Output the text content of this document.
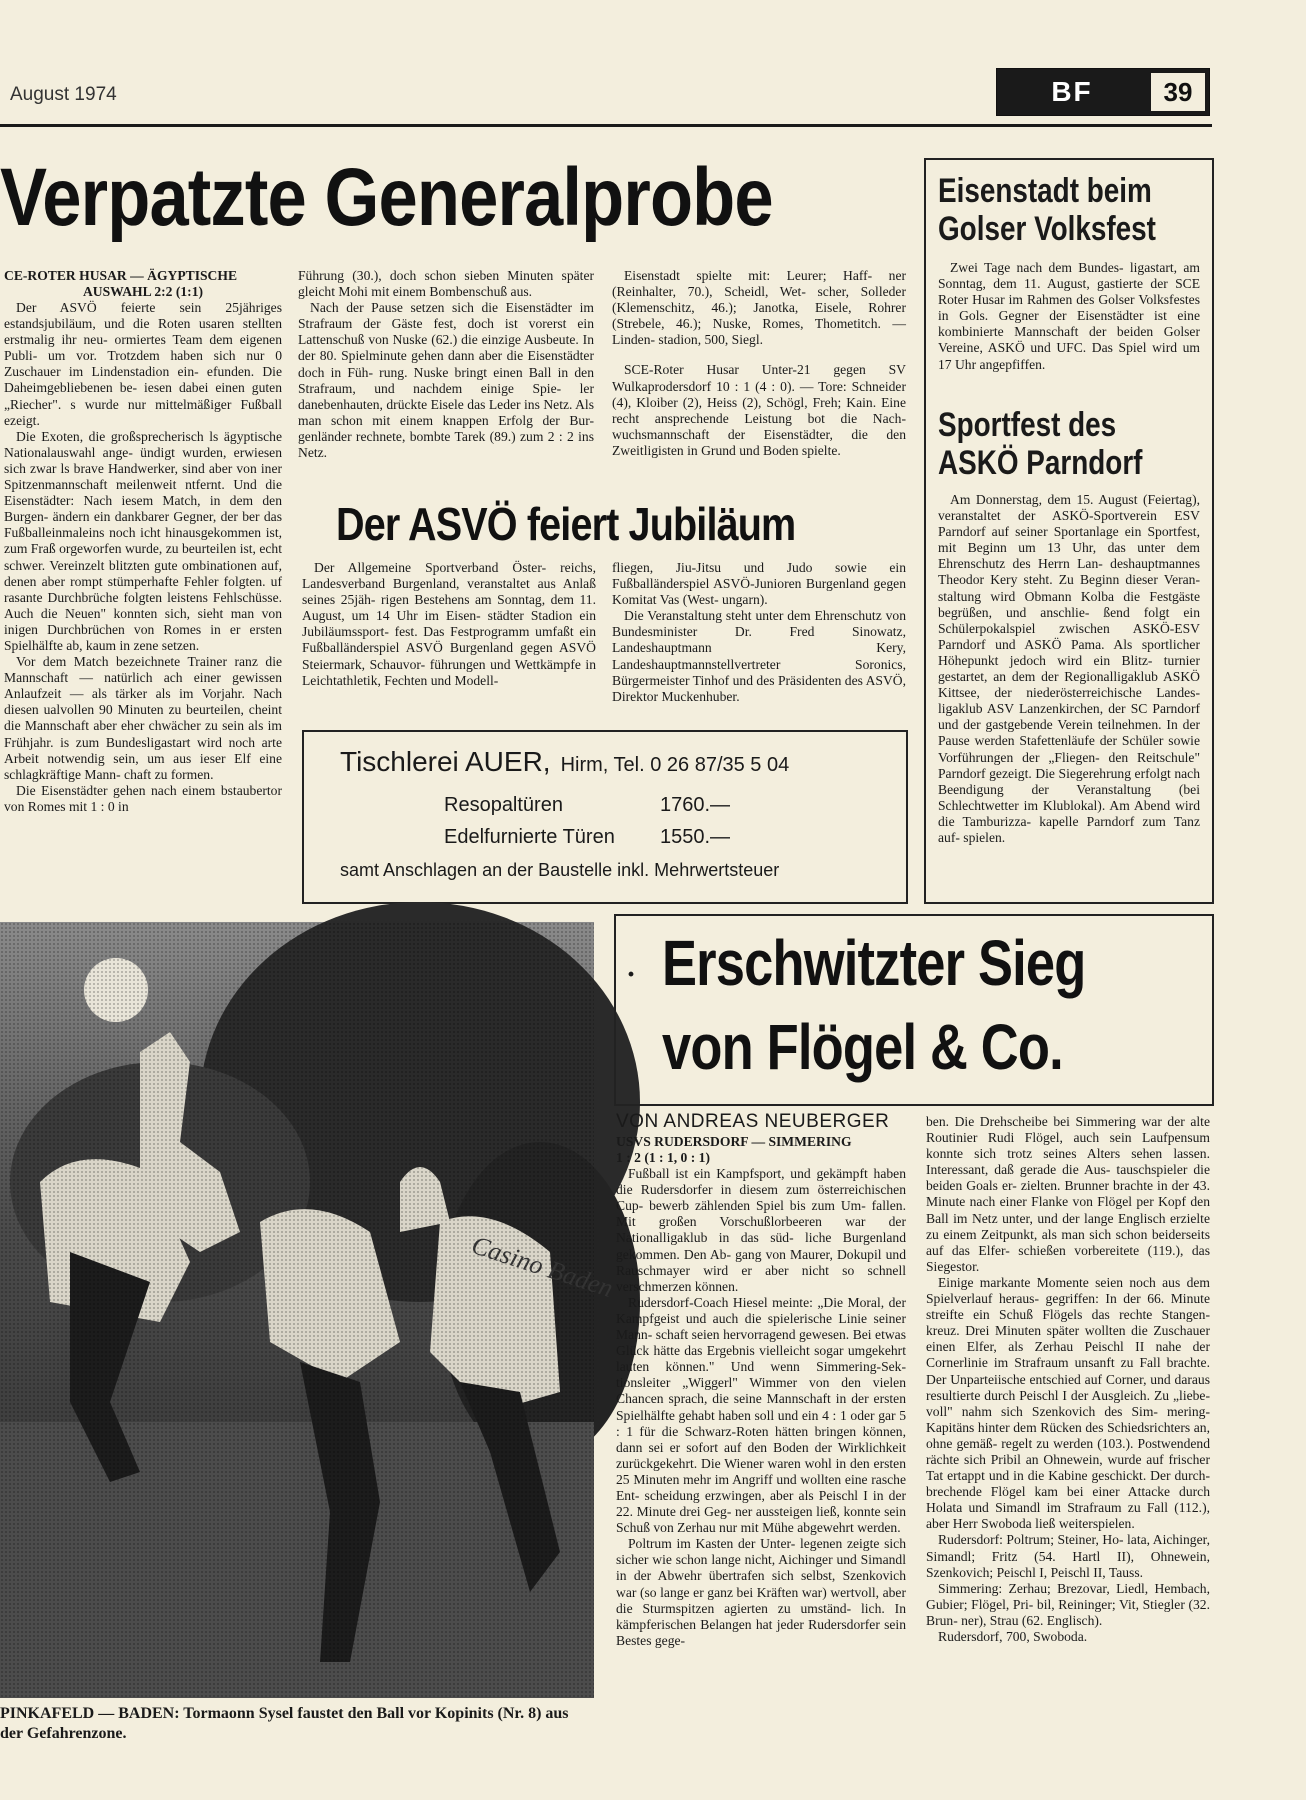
August 1974	BF	39
Verpatzte Generalprobe

CE-ROTER HUSAR — ÄGYPTISCHE

AUSWAHL 2:2 (1:1)

Der ASVÖ feierte sein 25jähriges estandsjubiläum, und die Roten usaren stellten erstmalig ihr neu- ormiertes Team dem eigenen Publi- um vor. Trotzdem haben sich nur 0 Zuschauer im Lindenstadion ein- efunden. Die Daheimgebliebenen be- iesen dabei einen guten „Riecher". s wurde nur mittelmäßiger Fußball ezeigt.

Die Exoten, die großsprecherisch ls ägyptische Nationalauswahl ange- ündigt wurden, erwiesen sich zwar ls brave Handwerker, sind aber von iner Spitzenmannschaft meilenweit ntfernt. Und die Eisenstädter: Nach iesem Match, in dem den Burgen- ändern ein dankbarer Gegner, der ber das Fußballeinmaleins noch icht hinausgekommen ist, zum Fraß orgeworfen wurde, zu beurteilen ist, echt schwer. Vereinzelt blitzten gute ombinationen auf, denen aber rompt stümperhafte Fehler folgten. uf rasante Durchbrüche folgten leistens Fehlschüsse. Auch die Neuen" konnten sich, sieht man von inigen Durchbrüchen von Romes in er ersten Spielhälfte ab, kaum in zene setzen.

Vor dem Match bezeichnete Trainer ranz die Mannschaft — natürlich ach einer gewissen Anlaufzeit — als tärker als im Vorjahr. Nach diesen ualvollen 90 Minuten zu beurteilen, cheint die Mannschaft aber eher chwächer zu sein als im Frühjahr. is zum Bundesligastart wird noch arte Arbeit notwendig sein, um aus ieser Elf eine schlagkräftige Mann- chaft zu formen.

Die Eisenstädter gehen nach einem bstaubertor von Romes mit 1 : 0 in

Führung (30.), doch schon sieben Minuten später gleicht Mohi mit einem Bombenschuß aus.

Nach der Pause setzen sich die Eisenstädter im Strafraum der Gäste fest, doch ist vorerst ein Lattenschuß von Nuske (62.) die einzige Ausbeute. In der 80. Spielminute gehen dann aber die Eisenstädter doch in Füh- rung. Nuske bringt einen Ball in den Strafraum, und nachdem einige Spie- ler danebenhauten, drückte Eisele das Leder ins Netz. Als man schon mit einem knappen Erfolg der Bur- genländer rechnete, bombte Tarek (89.) zum 2 : 2 ins Netz.

Eisenstadt spielte mit: Leurer; Haff- ner (Reinhalter, 70.), Scheidl, Wet- scher, Solleder (Klemenschitz, 46.); Janotka, Eisele, Rohrer (Strebele, 46.); Nuske, Romes, Thometitch. — Linden- stadion, 500, Siegl.

SCE-Roter Husar Unter-21 gegen SV Wulkaprodersdorf 10 : 1 (4 : 0). — Tore: Schneider (4), Kloiber (2), Heiss (2), Schögl, Freh; Kain. Eine recht ansprechende Leistung bot die Nach- wuchsmannschaft der Eisenstädter, die den Zweitligisten in Grund und Boden spielte.

Der ASVÖ feiert Jubiläum

Der Allgemeine Sportverband Öster- reichs, Landesverband Burgenland, veranstaltet aus Anlaß seines 25jäh- rigen Bestehens am Sonntag, dem 11. August, um 14 Uhr im Eisen- städter Stadion ein Jubiläumssport- fest. Das Festprogramm umfaßt ein Fußballänderspiel ASVÖ Burgenland gegen ASVÖ Steiermark, Schauvor- führungen und Wettkämpfe in Leichtathletik, Fechten und Modell-

fliegen, Jiu-Jitsu und Judo sowie ein Fußballänderspiel ASVÖ-Junioren Burgenland gegen Komitat Vas (West- ungarn).

Die Veranstaltung steht unter dem Ehrenschutz von Bundesminister Dr. Fred Sinowatz, Landeshauptmann Kery, Landeshauptmannstellvertreter Soronics, Bürgermeister Tinhof und des Präsidenten des ASVÖ, Direktor Muckenhuber.

Tischlerei AUER, Hirm, Tel. 0 26 87/35 5 04
Resopaltüren	1760.—
Edelfurnierte Türen 1550.—
samt Anschlagen an der Baustelle inkl. Mehrwertsteuer
Eisenstadt beim
Golser Volksfest

Zwei Tage nach dem Bundes- ligastart, am Sonntag, dem 11. August, gastierte der SCE Roter Husar im Rahmen des Golser Volksfestes in Gols. Gegner der Eisenstädter ist eine kombinierte Mannschaft der beiden Golser Vereine, ASKÖ und UFC. Das Spiel wird um 17 Uhr angepfiffen.

Sportfest des
ASKÖ Parndorf

Am Donnerstag, dem 15. August (Feiertag), veranstaltet der ASKÖ-Sportverein ESV Parndorf auf seiner Sportanlage ein Sportfest, mit Beginn um 13 Uhr, das unter dem Ehrenschutz des Herrn Lan- deshauptmannes Theodor Kery steht. Zu Beginn dieser Veran- staltung wird Obmann Kolba die Festgäste begrüßen, und anschlie- ßend folgt ein Schülerpokalspiel zwischen ASKÖ-ESV Parndorf und ASKÖ Pama. Als sportlicher Höhepunkt jedoch wird ein Blitz- turnier gestartet, an dem der Regionalligaklub ASKÖ Kittsee, der niederösterreichische Landes- ligaklub ASV Lanzenkirchen, der SC Parndorf und der gastgebende Verein teilnehmen. In der Pause werden Stafettenläufe der Schüler sowie Vorführungen der „Fliegen- den Reitschule" Parndorf gezeigt. Die Siegerehrung erfolgt nach Beendigung der Veranstaltung (bei Schlechtwetter im Klublokal). Am Abend wird die Tamburizza- kapelle Parndorf zum Tanz auf- spielen.

Casino Baden
PINKAFELD — BADEN: Tormaonn Sysel faustet den Ball vor Kopinits (Nr. 8) aus der Gefahrenzone.
· Erschwitzter Sieg
von Flögel & Co.
VON ANDREAS NEUBERGER

USVS RUDERSDORF — SIMMERING

1 : 2 (1 : 1, 0 : 1)

Fußball ist ein Kampfsport, und gekämpft haben die Rudersdorfer in diesem zum österreichischen Cup- bewerb zählenden Spiel bis zum Um- fallen. Mit großen Vorschußlorbeeren war der Nationalligaklub in das süd- liche Burgenland gekommen. Den Ab- gang von Maurer, Dokupil und Rauschmayer wird er aber nicht so schnell verschmerzen können.

Rudersdorf-Coach Hiesel meinte: „Die Moral, der Kampfgeist und auch die spielerische Linie seiner Mann- schaft seien hervorragend gewesen. Bei etwas Glück hätte das Ergebnis vielleicht sogar umgekehrt lauten können." Und wenn Simmering-Sek- tionsleiter „Wiggerl" Wimmer von den vielen Chancen sprach, die seine Mannschaft in der ersten Spielhälfte gehabt haben soll und ein 4 : 1 oder gar 5 : 1 für die Schwarz-Roten hätten bringen können, dann sei er sofort auf den Boden der Wirklichkeit zurückgekehrt. Die Wiener waren wohl in den ersten 25 Minuten mehr im Angriff und wollten eine rasche Ent- scheidung erzwingen, aber als Peischl I in der 22. Minute drei Geg- ner aussteigen ließ, konnte sein Schuß von Zerhau nur mit Mühe abgewehrt werden.

Poltrum im Kasten der Unter- legenen zeigte sich sicher wie schon lange nicht, Aichinger und Simandl in der Abwehr übertrafen sich selbst, Szenkovich war (so lange er ganz bei Kräften war) wertvoll, aber die Sturmspitzen agierten zu umständ- lich. In kämpferischen Belangen hat jeder Rudersdorfer sein Bestes gege-

ben. Die Drehscheibe bei Simmering war der alte Routinier Rudi Flögel, auch sein Laufpensum konnte sich trotz seines Alters sehen lassen. Interessant, daß gerade die Aus- tauschspieler die beiden Goals er- zielten. Brunner brachte in der 43. Minute nach einer Flanke von Flögel per Kopf den Ball im Netz unter, und der lange Englisch erzielte zu einem Zeitpunkt, als man sich schon beiderseits auf das Elfer- schießen vorbereitete (119.), das Siegestor.

Einige markante Momente seien noch aus dem Spielverlauf heraus- gegriffen: In der 66. Minute streifte ein Schuß Flögels das rechte Stangen- kreuz. Drei Minuten später wollten die Zuschauer einen Elfer, als Zerhau Peischl II nahe der Cornerlinie im Strafraum unsanft zu Fall brachte. Der Unparteiische entschied auf Corner, und daraus resultierte durch Peischl I der Ausgleich. Zu „liebe- voll" nahm sich Szenkovich des Sim- mering-Kapitäns hinter dem Rücken des Schiedsrichters an, ohne gemäß- regelt zu werden (103.). Postwendend rächte sich Pribil an Ohnewein, wurde auf frischer Tat ertappt und in die Kabine geschickt. Der durch- brechende Flögel kam bei einer Attacke durch Holata und Simandl im Strafraum zu Fall (112.), aber Herr Swoboda ließ weiterspielen.

Rudersdorf: Poltrum; Steiner, Ho- lata, Aichinger, Simandl; Fritz (54. Hartl II), Ohnewein, Szenkovich; Peischl I, Peischl II, Tauss.

Simmering: Zerhau; Brezovar, Liedl, Hembach, Gubier; Flögel, Pri- bil, Reininger; Vit, Stiegler (32. Brun- ner), Strau (62. Englisch).

Rudersdorf, 700, Swoboda.
